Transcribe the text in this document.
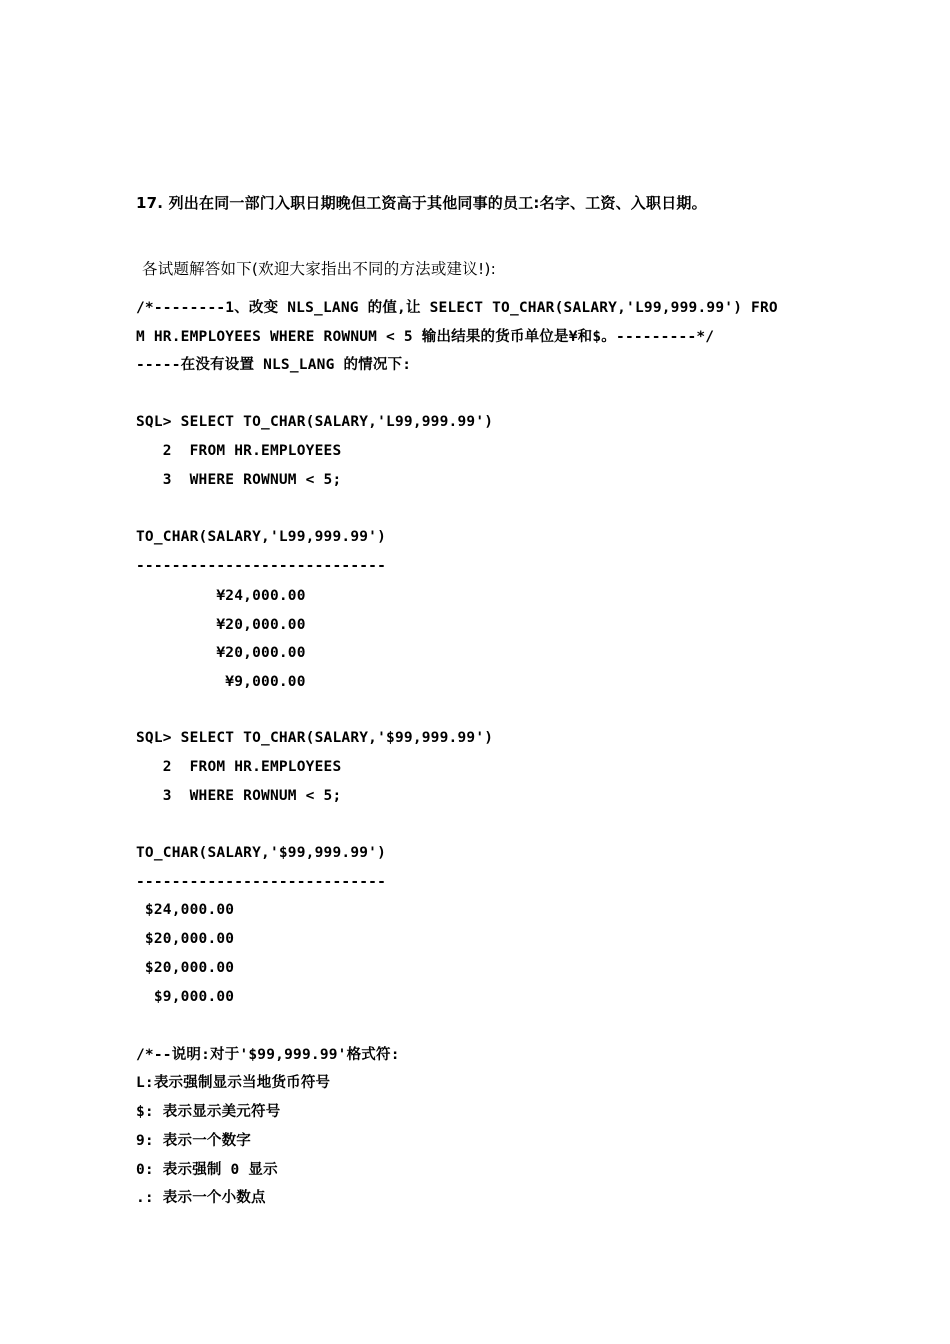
17. 列出在同一部门入职日期晚但工资高于其他同事的员工:名字、工资、入职日期。
各试题解答如下(欢迎大家指出不同的方法或建议!):
/*--------1、改变 NLS_LANG 的值,让 SELECT TO_CHAR(SALARY,'L99,999.99') FRO
M HR.EMPLOYEES WHERE ROWNUM < 5 输出结果的货币单位是¥和$。---------*/
-----在没有设置 NLS_LANG 的情况下:
SQL> SELECT TO_CHAR(SALARY,'L99,999.99')
2  FROM HR.EMPLOYEES
3  WHERE ROWNUM < 5;
TO_CHAR(SALARY,'L99,999.99')
----------------------------
¥24,000.00
¥20,000.00
¥20,000.00
¥9,000.00
SQL> SELECT TO_CHAR(SALARY,'$99,999.99')
2  FROM HR.EMPLOYEES
3  WHERE ROWNUM < 5;
TO_CHAR(SALARY,'$99,999.99')
----------------------------
$24,000.00
$20,000.00
$20,000.00
$9,000.00
/*--说明:对于'$99,999.99'格式符:
L:表示强制显示当地货币符号
$: 表示显示美元符号
9: 表示一个数字
0: 表示强制 0 显示
.: 表示一个小数点
